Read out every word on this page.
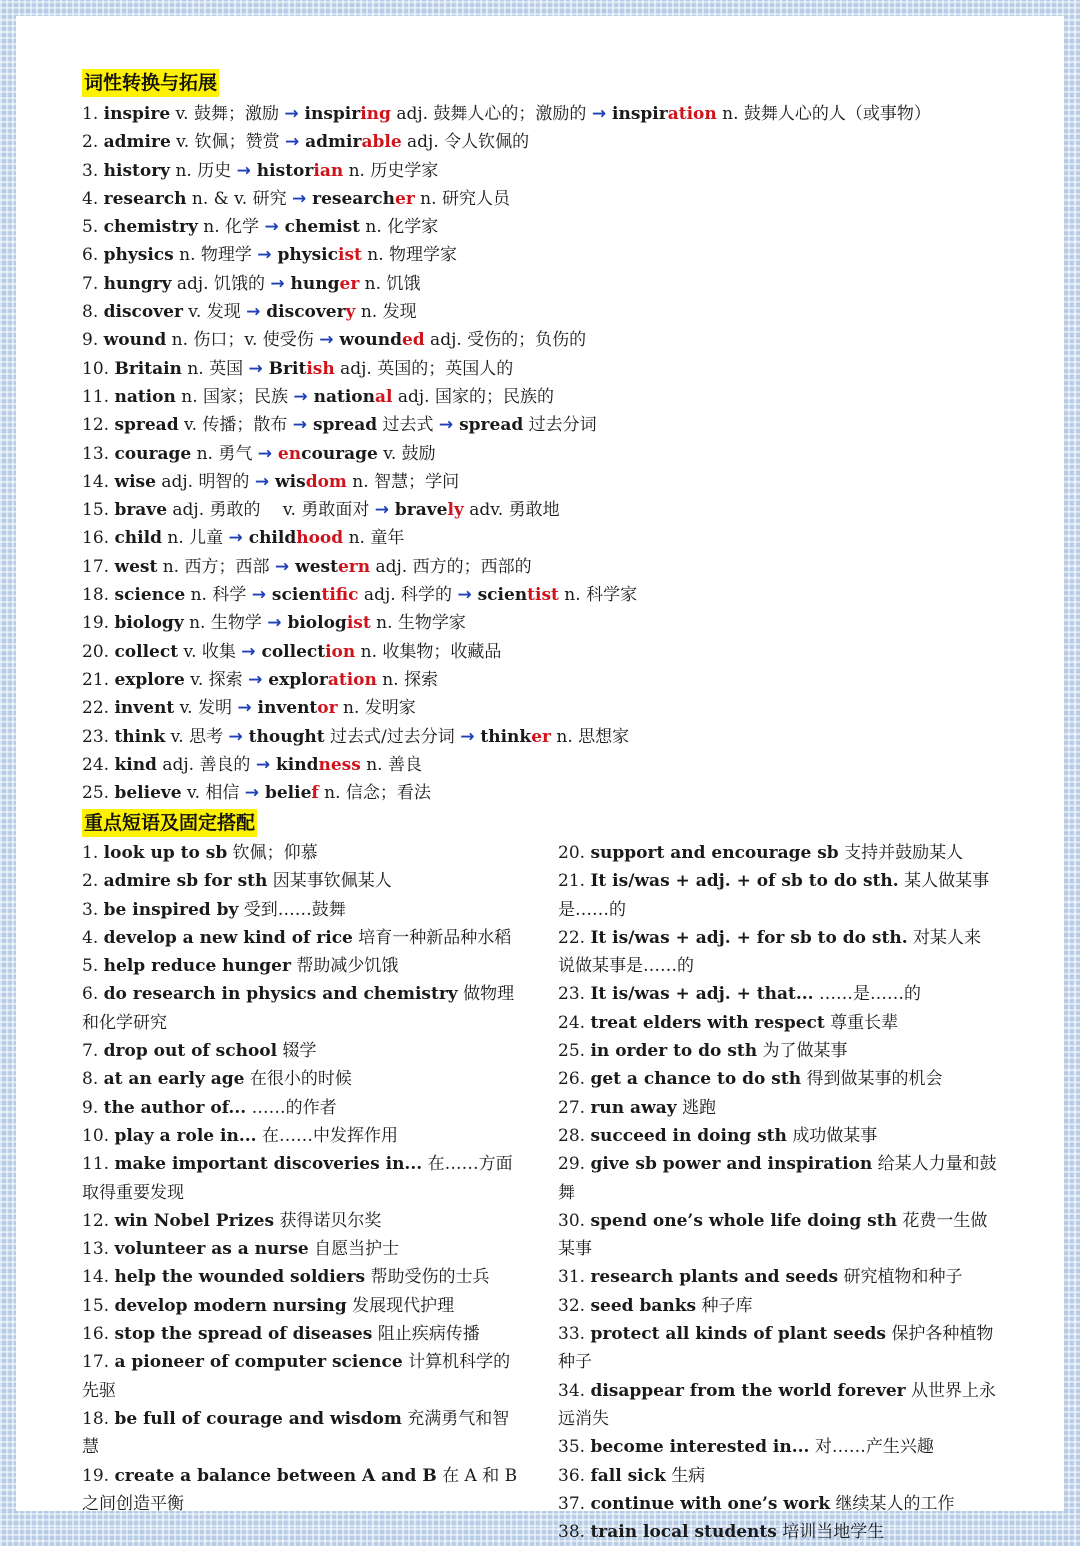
词性转换与拓展
1. inspire v. 鼓舞；激励 → inspiring adj. 鼓舞人心的；激励的 → inspiration n. 鼓舞人心的人（或事物）
2. admire v. 钦佩；赞赏 → admirable adj. 令人钦佩的
3. history n. 历史 → historian n. 历史学家
4. research n. & v. 研究 → researcher n. 研究人员
5. chemistry n. 化学 → chemist n. 化学家
6. physics n. 物理学 → physicist n. 物理学家
7. hungry adj. 饥饿的 → hunger n. 饥饿
8. discover v. 发现 → discovery n. 发现
9. wound n. 伤口；v. 使受伤 → wounded adj. 受伤的；负伤的
10. Britain n. 英国 → British adj. 英国的；英国人的
11. nation n. 国家；民族 → national adj. 国家的；民族的
12. spread v. 传播；散布 → spread 过去式 → spread 过去分词
13. courage n. 勇气 → encourage v. 鼓励
14. wise adj. 明智的 → wisdom n. 智慧；学问
15. brave adj. 勇敢的　 v. 勇敢面对 → bravely adv. 勇敢地
16. child n. 儿童 → childhood n. 童年
17. west n. 西方；西部 → western adj. 西方的；西部的
18. science n. 科学 → scientific adj. 科学的 → scientist n. 科学家
19. biology n. 生物学 → biologist n. 生物学家
20. collect v. 收集 → collection n. 收集物；收藏品
21. explore v. 探索 → exploration n. 探索
22. invent v. 发明 → inventor n. 发明家
23. think v. 思考 → thought 过去式/过去分词 → thinker n. 思想家
24. kind adj. 善良的 → kindness n. 善良
25. believe v. 相信 → belief n. 信念；看法
重点短语及固定搭配
1. look up to sb 钦佩；仰慕
2. admire sb for sth 因某事钦佩某人
3. be inspired by 受到……鼓舞
4. develop a new kind of rice 培育一种新品种水稻
5. help reduce hunger 帮助减少饥饿
6. do research in physics and chemistry 做物理和化学研究
7. drop out of school 辍学
8. at an early age 在很小的时候
9. the author of... ……的作者
10. play a role in... 在……中发挥作用
11. make important discoveries in... 在……方面取得重要发现
12. win Nobel Prizes 获得诺贝尔奖
13. volunteer as a nurse 自愿当护士
14. help the wounded soldiers 帮助受伤的士兵
15. develop modern nursing 发展现代护理
16. stop the spread of diseases 阻止疾病传播
17. a pioneer of computer science 计算机科学的先驱
18. be full of courage and wisdom 充满勇气和智慧
19. create a balance between A and B 在 A 和 B 之间创造平衡
20. support and encourage sb 支持并鼓励某人
21. It is/was + adj. + of sb to do sth. 某人做某事是……的
22. It is/was + adj. + for sb to do sth. 对某人来说做某事是……的
23. It is/was + adj. + that... ……是……的
24. treat elders with respect 尊重长辈
25. in order to do sth 为了做某事
26. get a chance to do sth 得到做某事的机会
27. run away 逃跑
28. succeed in doing sth 成功做某事
29. give sb power and inspiration 给某人力量和鼓舞
30. spend one’s whole life doing sth 花费一生做某事
31. research plants and seeds 研究植物和种子
32. seed banks 种子库
33. protect all kinds of plant seeds 保护各种植物种子
34. disappear from the world forever 从世界上永远消失
35. become interested in... 对……产生兴趣
36. fall sick 生病
37. continue with one’s work 继续某人的工作
38. train local students 培训当地学生
